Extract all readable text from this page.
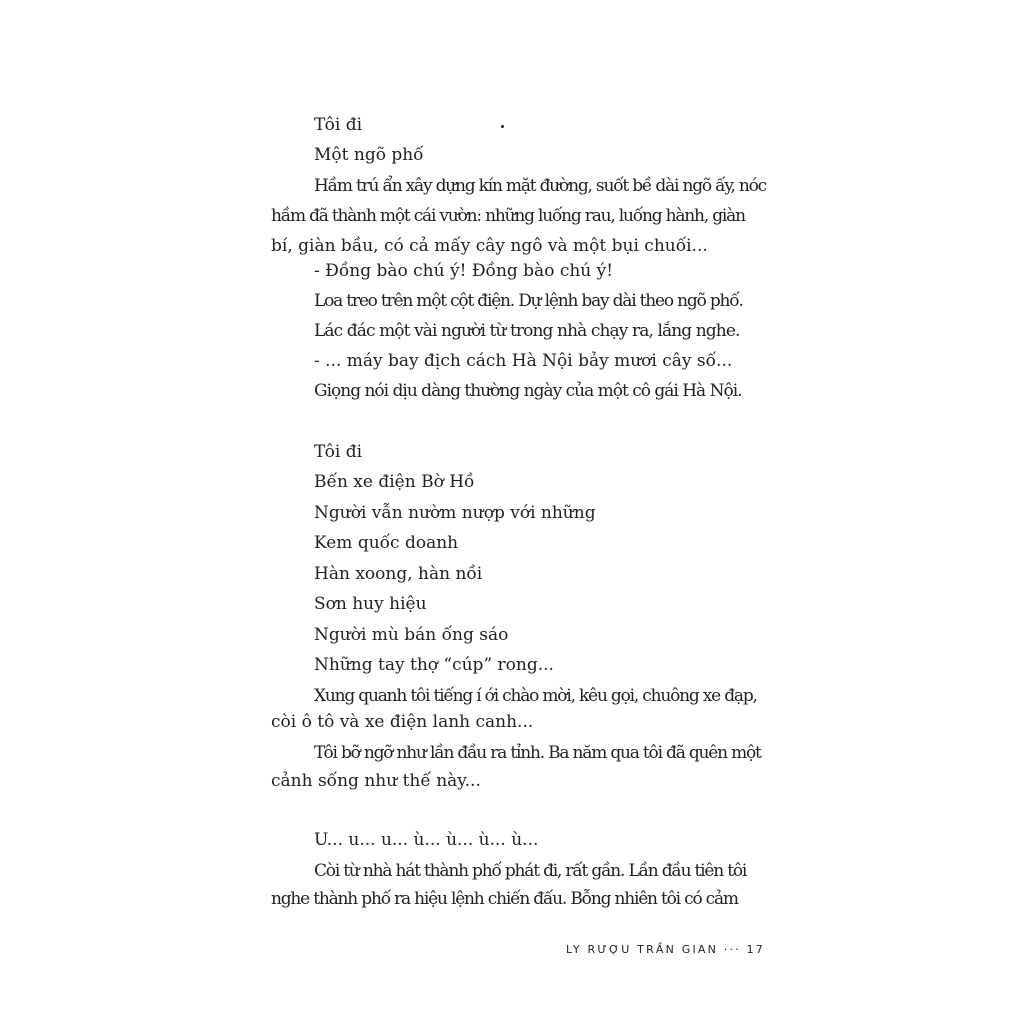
Tôi đi
Một ngõ phố
Hầm trú ẩn xây dựng kín mặt đường, suốt bề dài ngõ ấy, nóc
hầm đã thành một cái vườn: những luống rau, luống hành, giàn
bí, giàn bầu, có cả mấy cây ngô và một bụi chuối...
- Đồng bào chú ý! Đồng bào chú ý!
Loa treo trên một cột điện. Dự lệnh bay dài theo ngõ phố.
Lác đác một vài người từ trong nhà chạy ra, lắng nghe.
- ... máy bay địch cách Hà Nội bảy mươi cây số...
Giọng nói dịu dàng thường ngày của một cô gái Hà Nội.
Tôi đi
Bến xe điện Bờ Hồ
Người vẫn nườm nượp với những
Kem quốc doanh
Hàn xoong, hàn nồi
Sơn huy hiệu
Người mù bán ống sáo
Những tay thợ “cúp” rong...
Xung quanh tôi tiếng í ới chào mời, kêu gọi, chuông xe đạp,
còi ô tô và xe điện lanh canh...
Tôi bỡ ngỡ như lần đầu ra tỉnh. Ba năm qua tôi đã quên một
cảnh sống như thế này...
U... u... u... ù... ù... ù... ù...
Còi từ nhà hát thành phố phát đi, rất gần. Lần đầu tiên tôi
nghe thành phố ra hiệu lệnh chiến đấu. Bỗng nhiên tôi có cảm
LY RƯỢU TRẦN GIAN ··· 17
